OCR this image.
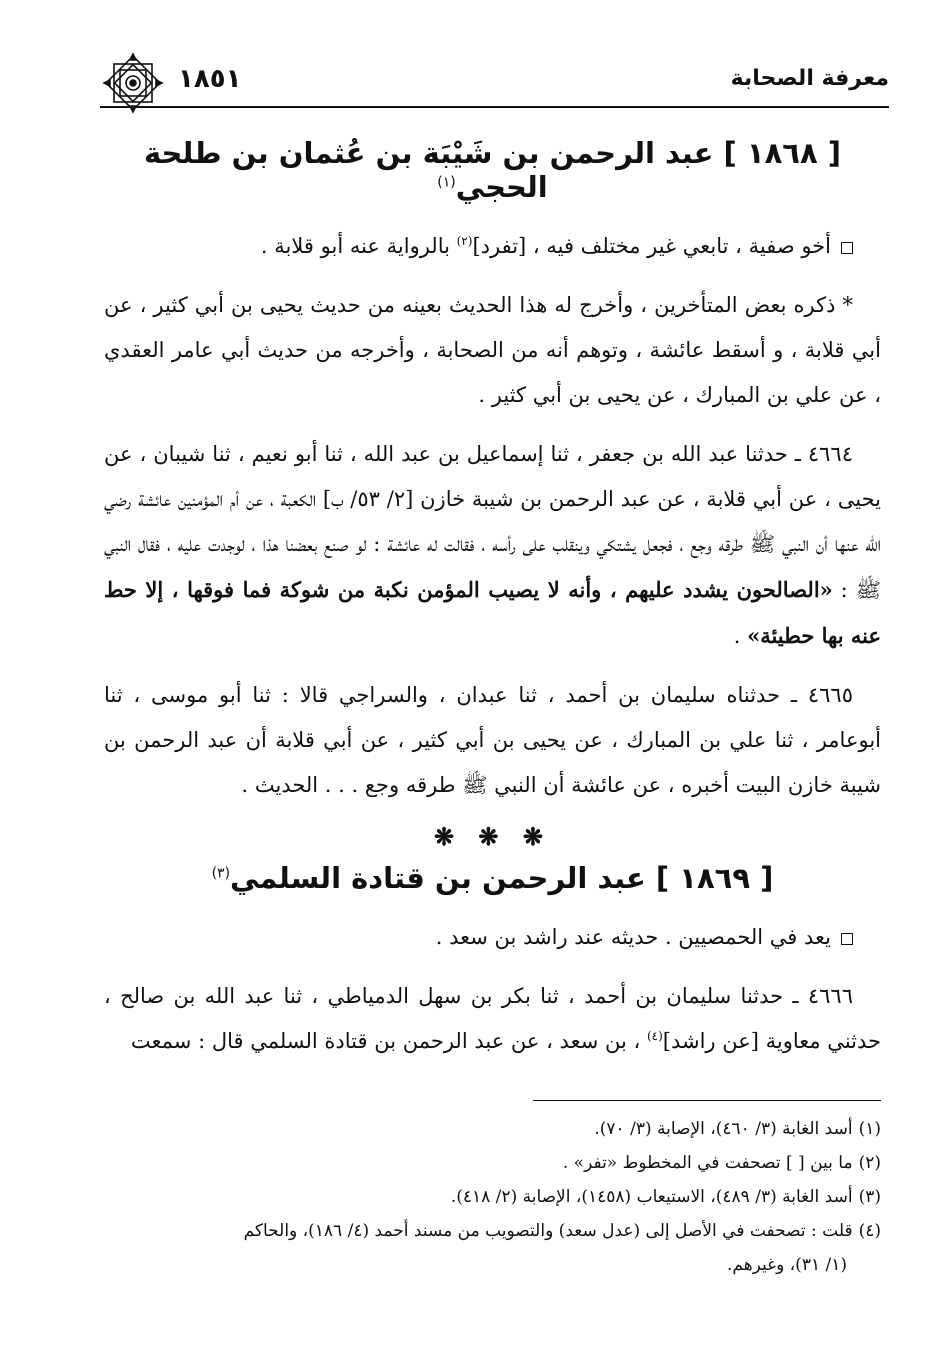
معرفة الصحابة
١٨٥١
[ ١٨٦٨ ] عبد الرحمن بن شَيْبَة بن عُثمان بن طلحة الحجي$^{(١)}$

أخو صفية ، تابعي غير مختلف فيه ، [تفرد]$^{(٢)}$ بالرواية عنه أبو قلابة .

* ذكره بعض المتأخرين ، وأخرج له هذا الحديث بعينه من حديث يحيى بن أبي كثير ، عن أبي قلابة ، و أسقط عائشة ، وتوهم أنه من الصحابة ، وأخرجه من حديث أبي عامر العقدي ، عن علي بن المبارك ، عن يحيى بن أبي كثير .

٤٦٦٤ ـ حدثنا عبد الله بن جعفر ، ثنا إسماعيل بن عبد الله ، ثنا أبو نعيم ، ثنا شيبان ، عن يحيى ، عن أبي قلابة ، عن عبد الرحمن بن شيبة خازن [٢/ ٥٣/ ب] الكعبة ، عن أم المؤمنين عائشة رضي الله عنها أن النبي ﷺ طرقه وجع ، فجعل يشتكي وينقلب على رأسه ، فقالت له عائشة : لو صنع بعضنا هذا ، لوجدت عليه ، فقال النبي ﷺ : «الصالحون يشدد عليهم ، وأنه لا يصيب المؤمن نكبة من شوكة فما فوقها ، إلا حط عنه بها حطيئة» .

٤٦٦٥ ـ حدثناه سليمان بن أحمد ، ثنا عبدان ، والسراجي قالا : ثنا أبو موسى ، ثنا أبوعامر ، ثنا علي بن المبارك ، عن يحيى بن أبي كثير ، عن أبي قلابة أن عبد الرحمن بن شيبة خازن البيت أخبره ، عن عائشة أن النبي ﷺ طرقه وجع . . . الحديث .

❋ ❋ ❋
[ ١٨٦٩ ] عبد الرحمن بن قتادة السلمي$^{(٣)}$

يعد في الحمصيين . حديثه عند راشد بن سعد .

٤٦٦٦ ـ حدثنا سليمان بن أحمد ، ثنا بكر بن سهل الدمياطي ، ثنا عبد الله بن صالح ، حدثني معاوية [عن راشد]$^{(٤)}$ ، بن سعد ، عن عبد الرحمن بن قتادة السلمي قال : سمعت

(١)أسد الغابة (٣/ ٤٦٠)، الإصابة (٣/ ٧٠).

(٢)ما بين [ ] تصحفت في المخطوط «تفر» .

(٣)أسد الغابة (٣/ ٤٨٩)، الاستيعاب (١٤٥٨)، الإصابة (٢/ ٤١٨).

(٤)قلت : تصحفت في الأصل إلى (عدل سعد) والتصويب من مسند أحمد (٤/ ١٨٦)، والحاكم

(١/ ٣١)، وغيرهم.
